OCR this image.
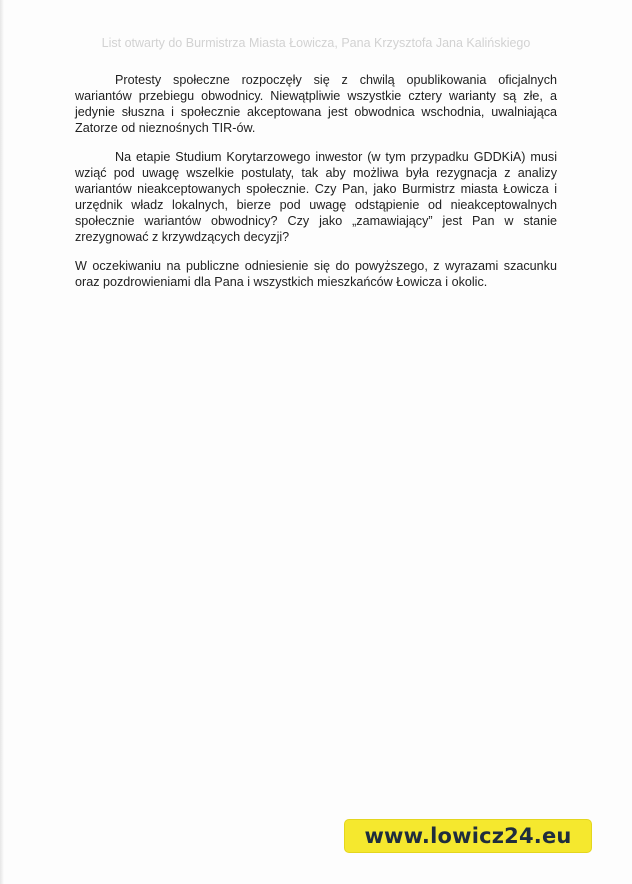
List otwarty do Burmistrza Miasta Łowicza, Pana Krzysztofa Jana Kalińskiego

Protesty społeczne rozpoczęły się z chwilą opublikowania oficjalnych wariantów przebiegu obwodnicy. Niewątpliwie wszystkie cztery warianty są złe, a jedynie słuszna i społecznie akceptowana jest obwodnica wschodnia, uwalniająca Zatorze od nieznośnych TIR-ów.

Na etapie Studium Korytarzowego inwestor (w tym przypadku GDDKiA) musi wziąć pod uwagę wszelkie postulaty, tak aby możliwa była rezygnacja z analizy wariantów nieakceptowanych społecznie. Czy Pan, jako Burmistrz miasta Łowicza i urzędnik władz lokalnych, bierze pod uwagę odstąpienie od nieakceptowalnych społecznie wariantów obwodnicy? Czy jako „zamawiający” jest Pan w stanie zrezygnować z krzywdzących decyzji?

W oczekiwaniu na publiczne odniesienie się do powyższego, z wyrazami szacunku oraz pozdrowieniami dla Pana i wszystkich mieszkańców Łowicza i okolic.

www.lowicz24.eu
